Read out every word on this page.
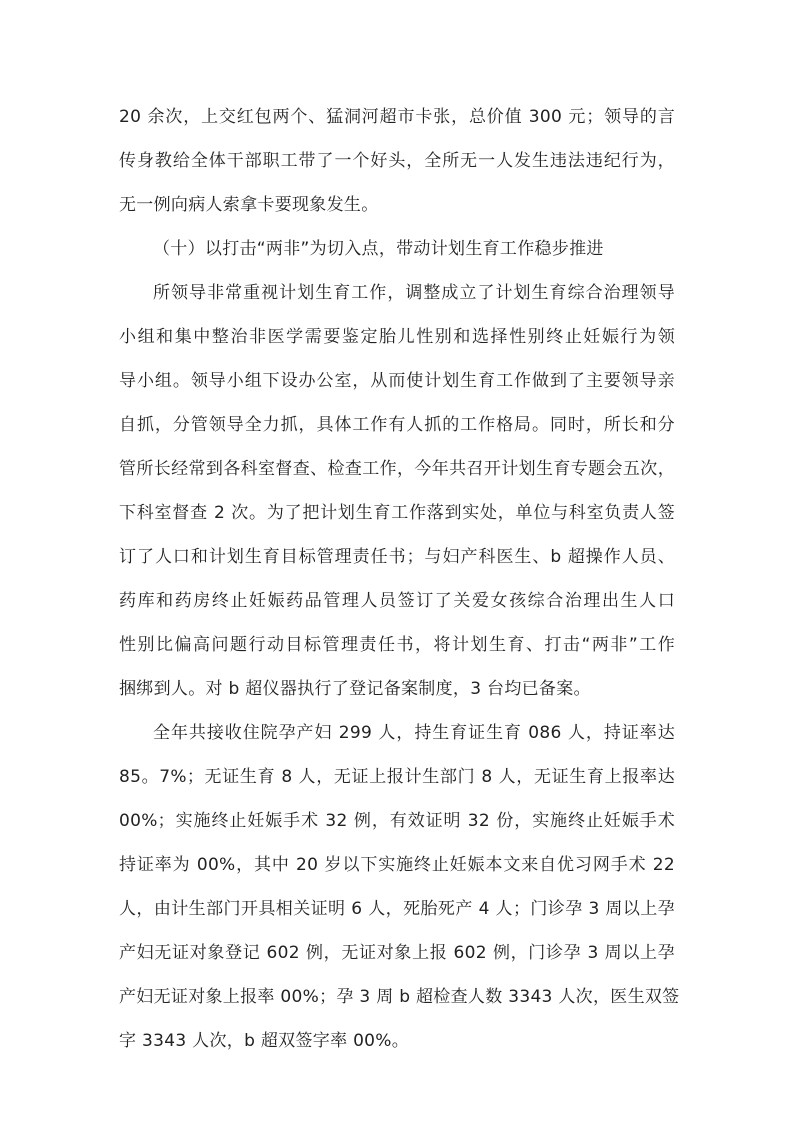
20 余次，上交红包两个、猛洞河超市卡张，总价值 300 元；领导的言
传身教给全体干部职工带了一个好头，全所无一人发生违法违纪行为，
无一例向病人索拿卡要现象发生。
（十）以打击“两非”为切入点，带动计划生育工作稳步推进
所领导非常重视计划生育工作，调整成立了计划生育综合治理领导
小组和集中整治非医学需要鉴定胎儿性别和选择性别终止妊娠行为领
导小组。领导小组下设办公室，从而使计划生育工作做到了主要领导亲
自抓，分管领导全力抓，具体工作有人抓的工作格局。同时，所长和分
管所长经常到各科室督查、检查工作，今年共召开计划生育专题会五次，
下科室督查 2 次。为了把计划生育工作落到实处，单位与科室负责人签
订了人口和计划生育目标管理责任书；与妇产科医生、b 超操作人员、
药库和药房终止妊娠药品管理人员签订了关爱女孩综合治理出生人口
性别比偏高问题行动目标管理责任书，将计划生育、打击“两非”工作
捆绑到人。对 b 超仪器执行了登记备案制度，3 台均已备案。
全年共接收住院孕产妇 299 人，持生育证生育 086 人，持证率达
85。7%；无证生育 8 人，无证上报计生部门 8 人，无证生育上报率达
00%；实施终止妊娠手术 32 例，有效证明 32 份，实施终止妊娠手术
持证率为 00%，其中 20 岁以下实施终止妊娠本文来自优习网手术 22
人，由计生部门开具相关证明 6 人，死胎死产 4 人；门诊孕 3 周以上孕
产妇无证对象登记 602 例，无证对象上报 602 例，门诊孕 3 周以上孕
产妇无证对象上报率 00%；孕 3 周 b 超检查人数 3343 人次，医生双签
字 3343 人次，b 超双签字率 00%。
